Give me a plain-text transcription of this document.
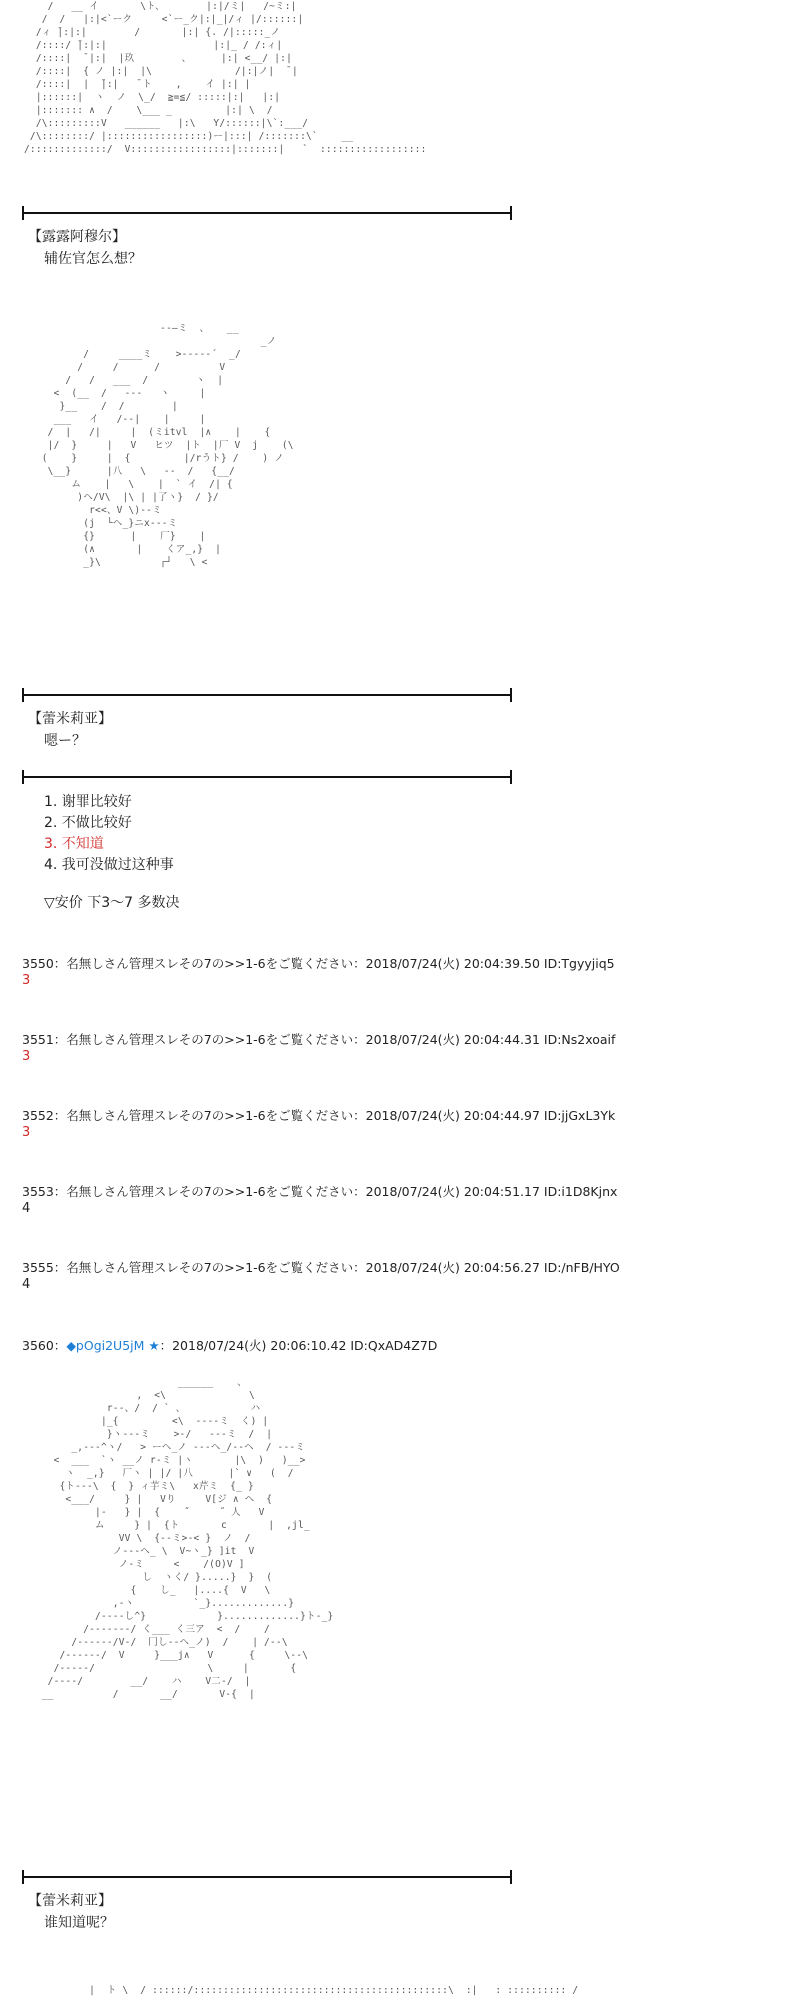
/   __ イ       \ト、       |:|/ミ|   /~ミ:|
/  /   |:|<`ーク     <`ー_ク|:|_|/ィ |/::::::|
/ィ ̄|:|:|        /       |:| {. /|:::::_ノ
/::::/ ̄|:|:|                  |:|_ / /:ィ|
/::::|  ̄ |:|  |玖        、     |:| <__/ |:|
/::::|  { ノ |:|  |\              /|:|ノ|  ̄ |
/::::|  |  ̄|:|   ̄ ト    ,    イ |:| |
|::::::|  ヽ  ノ  \_/  ≧=≦/ :::::|:|   |:|
|::::::: ∧  /    \___ _         |:| \  /
/\:::::::::V   ______   |:\   Y/::::::|\`:___/
/\::::::::/ |:::::::::::::::::)ー|:::| /:::::::\`    __
/:::::::::::::/  V:::::::::::::::::|:::::::|   `  ::::::::::::::::::
【露露阿穆尔】
辅佐官怎么想？
--―ミ  、   __
_ノ
/     ____ミ    >‐---‐´  _/
/     /      /          V
/   /   ___  /        ヽ  |
<  (__  /   ---   ヽ     |
}__    /  /        |
___   イ   /--|    |     |
/  |   /|     |  (ミitvl  |∧    |    {
|/  }     |   V   ヒツ  |ト  |厂 V  j    (\
(    }     |  {         |/rうト} /    ) ノ
\__}      |八   \   -‐  /   {__/
ム    |   \    |  ` イ  /| {
)ヘ/V\  |\ | |了ヽ}  / }/
r<<、V \)--ミ
(j  └ヘ_}ニx--‐ミ
{}      |    厂}    |
(∧       |    くア_,}  |
_}\          ┌┘   \ <
【蕾米莉亚】
嗯ー？
1. 谢罪比较好
2. 不做比较好
3. 不知道
4. 我可没做过这种事
▽安价 下3～7 多数决
3550：名無しさん管理スレその7の>>1-6をご覧ください：2018/07/24(火) 20:04:39.50 ID:Tgyyjiq5
3
3551：名無しさん管理スレその7の>>1-6をご覧ください：2018/07/24(火) 20:04:44.31 ID:Ns2xoaif
3
3552：名無しさん管理スレその7の>>1-6をご覧ください：2018/07/24(火) 20:04:44.97 ID:jjGxL3Yk
3
3553：名無しさん管理スレその7の>>1-6をご覧ください：2018/07/24(火) 20:04:51.17 ID:i1D8Kjnx
4
3555：名無しさん管理スレその7の>>1-6をご覧ください：2018/07/24(火) 20:04:56.27 ID:/nFB/HYO
4
3560：◆pOgi2U5jM ★：2018/07/24(火) 20:06:10.42 ID:QxAD4Z7D
______    、
,  <\              \
r--、/  / ` 、           ハ
|_{         <\  ---‐ミ  く) |
}ヽ---ミ    >-/   ---ミ  /  |
_,--‐^ヽ/   > ーヘ_ノ ---ヘ_/-‐ヘ  / --‐ミ
<  ___  `ヽ __ノ r‐ミ |ヽ       |\  )   )__>
ヽ  _,}   厂ヽ | |/ |八      |` ∨   (  /
{ト---\  {  } ィ芋ミ\   x芹ミ  {_ }
<___/     } |   Vり     V[ジ ∧ ヘ  {
|-   } |  {    ˝     ˝ 人   V
ム     } |  {ト       c       |  ,jl_
VV \  {--ミ>-< }  ノ  /
ノ---ヘ_ \  V~ヽ_} ]it  V
ノ-ミ     <    /(O)V ]
し  ヽく/ }.....}  }  (
{    し_   |....{  V   \
,-ヽ          `_}.............}
/----し^}            }.............}ト-_}
/-------/ く___ く三ア  <  /    /
/------/V-/  冂し--ヘ_ノ)  /    | /-‐\
/------/  V     }___j∧   V      {     \--\
/-----/                   \     |       {
/----/        __/    ハ    V二-/  |
__          /       __/       V-{  |
【蕾米莉亚】
谁知道呢？
|  ト \  / ::::::/:::::::::::::::::::::::::::::::::::::::::::\  :|   : :::::::::: /
